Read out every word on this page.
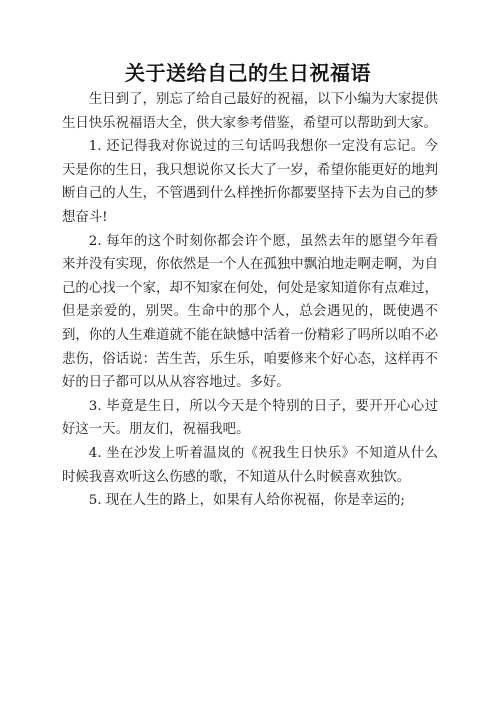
关于送给自己的生日祝福语

生日到了，别忘了给自己最好的祝福，以下小编为大家提供生日快乐祝福语大全，供大家参考借鉴，希望可以帮助到大家。

1. 还记得我对你说过的三句话吗我想你一定没有忘记。今天是你的生日，我只想说你又长大了一岁，希望你能更好的地判断自己的人生，不管遇到什么样挫折你都要坚持下去为自己的梦想奋斗!

2. 每年的这个时刻你都会许个愿，虽然去年的愿望今年看来并没有实现，你依然是一个人在孤独中飘泊地走啊走啊，为自己的心找一个家，却不知家在何处，何处是家知道你有点难过，但是亲爱的，别哭。生命中的那个人，总会遇见的，既使遇不到，你的人生难道就不能在缺憾中活着一份精彩了吗所以咱不必悲伤，俗话说：苦生苦，乐生乐，咱要修来个好心态，这样再不好的日子都可以从从容容地过。多好。

3. 毕竟是生日，所以今天是个特别的日子，要开开心心过好这一天。朋友们，祝福我吧。

4. 坐在沙发上听着温岚的《祝我生日快乐》不知道从什么时候我喜欢听这么伤感的歌，不知道从什么时候喜欢独饮。

5. 现在人生的路上，如果有人给你祝福，你是幸运的;
